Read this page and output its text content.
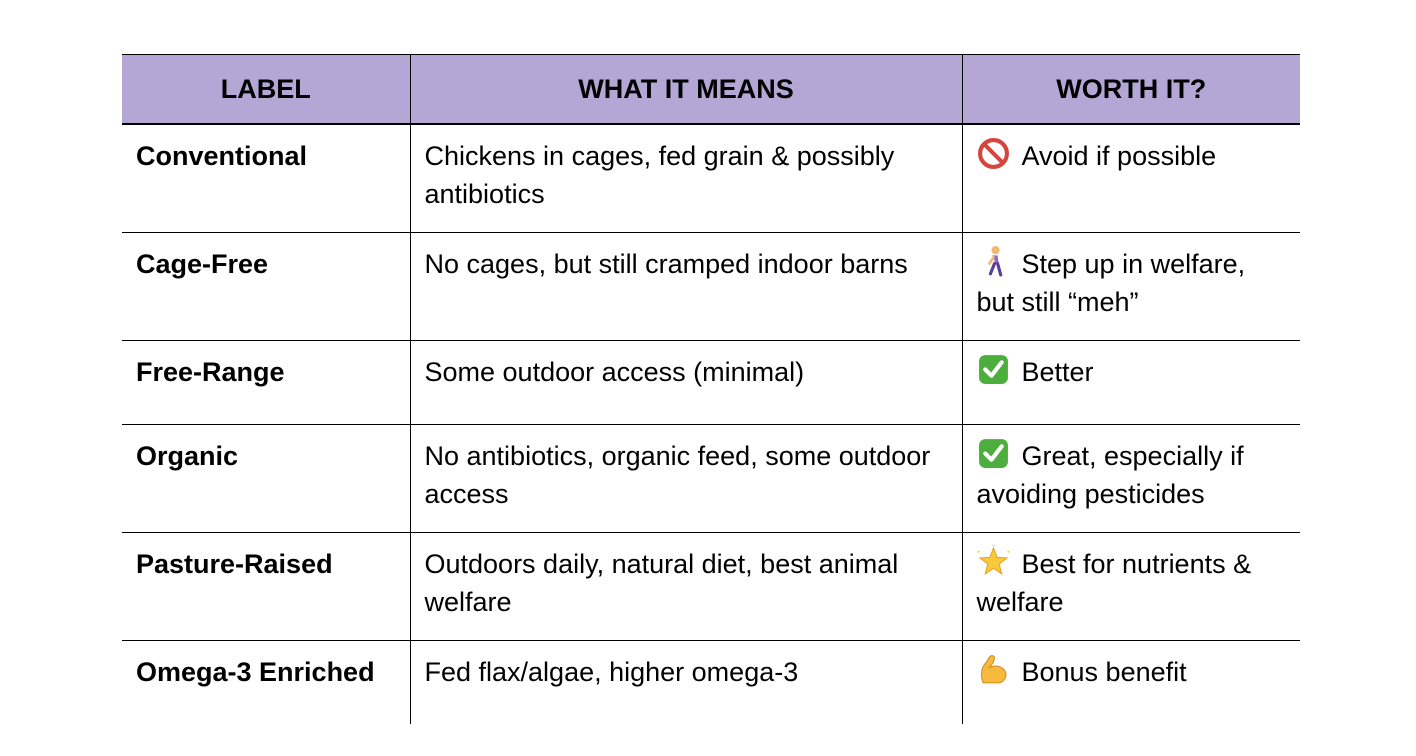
LABEL	WHAT IT MEANS	WORTH IT?
Conventional	Chickens in cages, fed grain & possibly antibiotics	Avoid if possible
Cage-Free	No cages, but still cramped indoor barns	Step up in welfare, but still “meh”
Free-Range	Some outdoor access (minimal)	Better
Organic	No antibiotics, organic feed, some outdoor access	Great, especially if avoiding pesticides
Pasture-Raised	Outdoors daily, natural diet, best animal welfare	Best for nutrients & welfare
Omega-3 Enriched	Fed flax/algae, higher omega-3	Bonus benefit
